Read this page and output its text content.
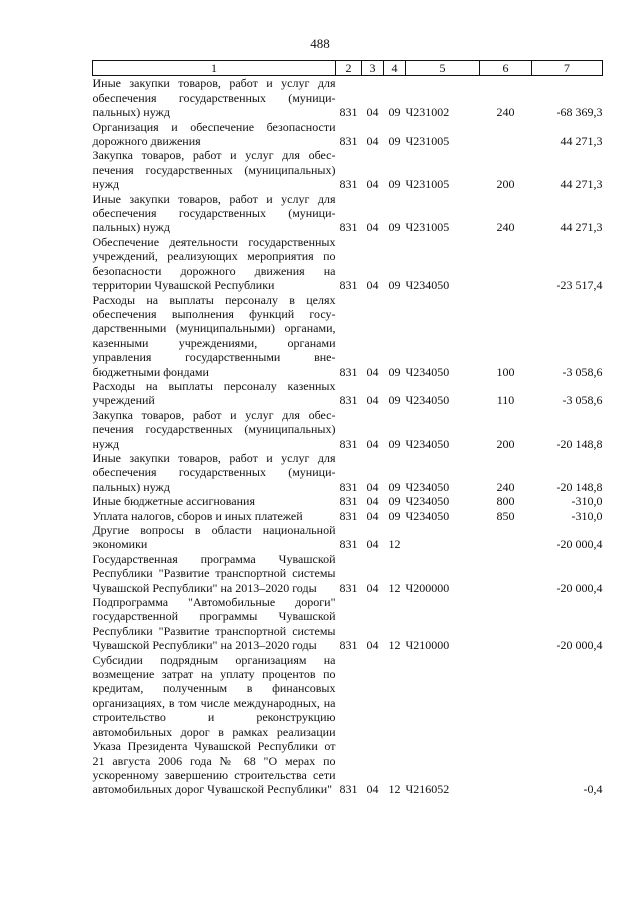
488
1	2	3	4	5	6	7
Иные закупки товаров, работ и услуг для обеспечения государственных (муниципальных) нужд	831	04	09	Ч231002	240	-68 369,3
Организация и обеспечение безопасности дорожного движения	831	04	09	Ч231005		44 271,3
Закупка товаров, работ и услуг для обеспечения государственных (муниципальных) нужд	831	04	09	Ч231005	200	44 271,3
Иные закупки товаров, работ и услуг для обеспечения государственных (муниципальных) нужд	831	04	09	Ч231005	240	44 271,3
Обеспечение деятельности государственных учреждений, реализующих мероприятия по безопасности дорожного движения на территории Чувашской Республики	831	04	09	Ч234050		-23 517,4
Расходы на выплаты персоналу в целях обеспечения выполнения функций государственными (муниципальными) органами, казенными учреждениями, органами управления государственными внебюджетными фондами	831	04	09	Ч234050	100	-3 058,6
Расходы на выплаты персоналу казенных учреждений	831	04	09	Ч234050	110	-3 058,6
Закупка товаров, работ и услуг для обеспечения государственных (муниципальных) нужд	831	04	09	Ч234050	200	-20 148,8
Иные закупки товаров, работ и услуг для обеспечения государственных (муниципальных) нужд	831	04	09	Ч234050	240	-20 148,8
Иные бюджетные ассигнования	831	04	09	Ч234050	800	-310,0
Уплата налогов, сборов и иных платежей	831	04	09	Ч234050	850	-310,0
Другие вопросы в области национальной экономики	831	04	12			-20 000,4
Государственная программа Чувашской Республики "Развитие транспортной системы Чувашской Республики" на 2013–2020 годы	831	04	12	Ч200000		-20 000,4
Подпрограмма "Автомобильные дороги" государственной программы Чувашской Республики "Развитие транспортной системы Чувашской Республики" на 2013–2020 годы	831	04	12	Ч210000		-20 000,4
Субсидии подрядным организациям на возмещение затрат на уплату процентов по кредитам, полученным в финансовых организациях, в том числе международных, на строительство и реконструкцию автомобильных дорог в рамках реализации Указа Президента Чувашской Республики от 21 августа 2006 года № 68 "О мерах по ускоренному завершению строительства сети автомобильных дорог Чувашской Республики"	831	04	12	Ч216052		-0,4
